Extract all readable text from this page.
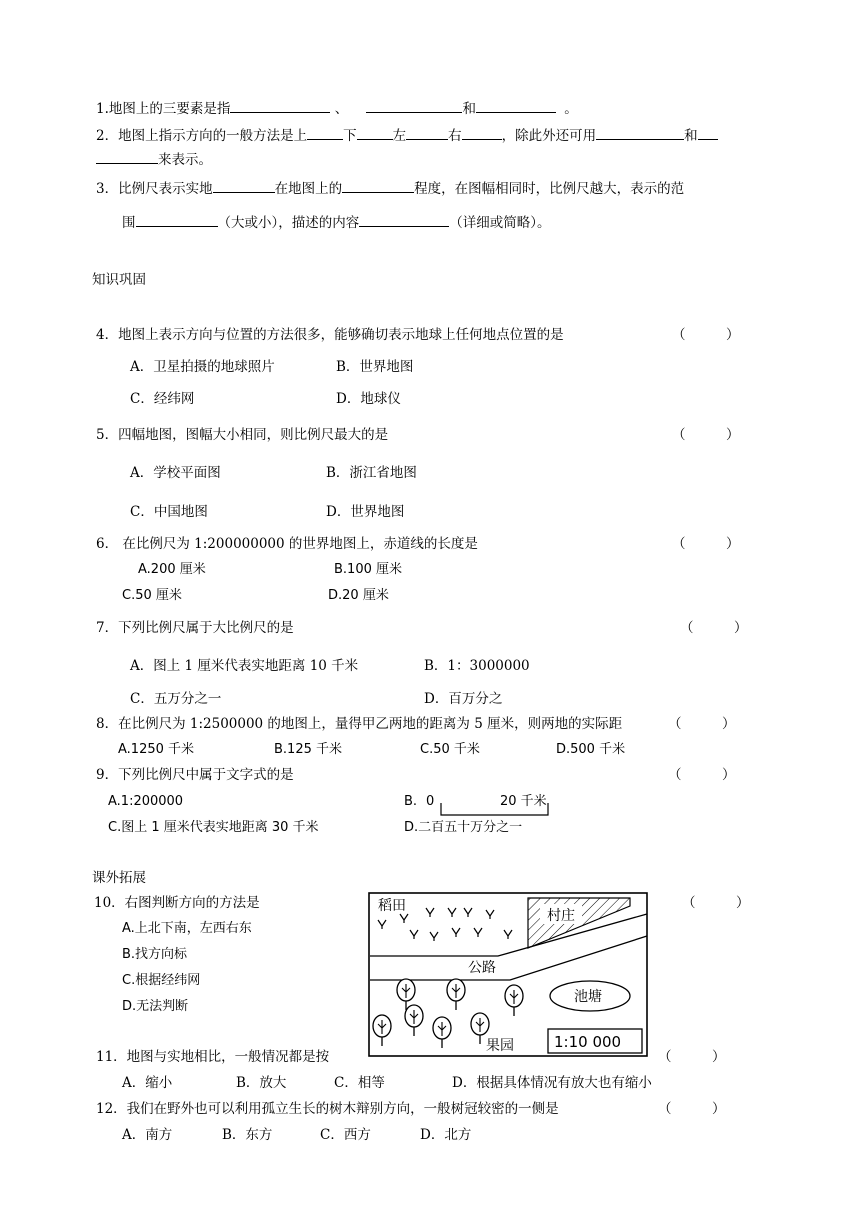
1.地图上的三要素是指	、	和	。
2．地图上指示方向的一般方法是上	下	左	右	，除此外还可用	和
来表示。
3．比例尺表示实地	在地图上的	程度，在图幅相同时，比例尺越大，表示的范
围	（大或小），描述的内容	（详细或简略）。
知识巩固
4．地图上表示方向与位置的方法很多，能够确切表示地球上任何地点位置的是	（　　　）
A．卫星拍摄的地球照片	B．世界地图
C．经纬网	D．地球仪
5．四幅地图，图幅大小相同，则比例尺最大的是	（　　　）
A．学校平面图	B．浙江省地图
C．中国地图	D．世界地图
6． 在比例尺为 1:200000000 的世界地图上，赤道线的长度是	（　　　）
A.200 厘米	B.100 厘米
C.50 厘米	D.20 厘米
7．下列比例尺属于大比例尺的是	（　　　）
A．图上 1 厘米代表实地距离 10 千米	B．1：3000000
C．五万分之一	D．百万分之
8．在比例尺为 1:2500000 的地图上，量得甲乙两地的距离为 5 厘米，则两地的实际距	（　　　）
A.1250 千米	B.125 千米	C.50 千米	D.500 千米
9．下列比例尺中属于文字式的是	（　　　）
A.1:200000	B. 0	20 千米
C.图上 1 厘米代表实地距离 30 千米	D.二百五十万分之一
课外拓展
10．右图判断方向的方法是	（　　　）
A.上北下南，左西右东
B.找方向标
C.根据经纬网
D.无法判断
稻田
村庄
公路
池塘
果园	1:10 000
11．地图与实地相比，一般情况都是按	（　　　）
A．缩小	B．放大	C．相等	D．根据具体情况有放大也有缩小
12．我们在野外也可以利用孤立生长的树木辩别方向，一般树冠较密的一侧是	（　　　）
A．南方	B．东方	C．西方	D．北方
